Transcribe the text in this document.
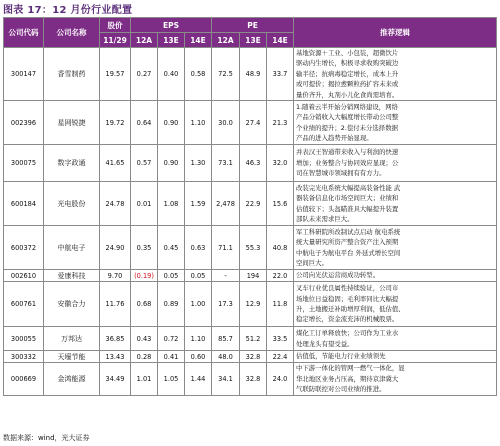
图表 17：12 月份行业配置
公司代码	公司名称	股价	EPS			PE			推荐逻辑
		11/29	12A	13E	14E	12A	13E	14E	
300147	香雪制药	19.57	0.27	0.40	0.58	72.5	48.9	33.7	基地资源＋工业、小包装，超微饮片
驱动内生增长，积极寻求收购突破边
输半径；抗病毒稳定增长，成本上升
或可提价；揭拉愈颗粒药扩容未来或
量价齐升，丸剂小儿化食尚需培育。

002396	星网锐捷	19.72	0.64	0.90	1.10	30.0	27.4	21.3	1.随着云半开始分销网络建设，网络
产品分销收入大幅度增长带动公司整
个业绩的提升；2.偿付未分选择数据
产品的进入趋势开始显现。

300075	数字政通	41.65	0.57	0.90	1.30	73.1	46.3	32.0	并表汉王智通带来收入与利润的快速
增加；业务整合与协同效应显现；公
司在智慧城市领域拥有有方力。

600184	光电股份	24.78	0.01	1.08	1.59	2,478	22.9	15.6	改装完光电系统大幅提高装备性能 武
器装备信息化市场空间巨大；业绩和
估值较下；头盔瞄准具大幅提升装置
部队未来需求巨大。

600372	中航电子	24.90	0.35	0.45	0.63	71.1	55.3	40.8	军工科研院所改制试点启动 航电系统
统大量研究所资产整合资产注入预期
中航电子为航电平台 外延式增长空间
空间巨大。

002610	爱康科技	9.70	(0.19)	0.05	0.05	-	194	22.0	公司向光伏运营商成功转型。

600761	安徽合力	11.76	0.68	0.89	1.00	17.3	12.9	11.8	叉车行业优良属性持续验证，公司市
场地位日益稳固；毛利率同比大幅提
升，土地搬迁补助增厚利润，低估值、
稳定增长，资金流充沛的机械股票。

300055	万邦达	36.85	0.43	0.72	1.10	85.7	51.2	33.5	煤化工订单释放快；公司作为工业水
处理龙头有望受益。

300332	天壕节能	13.43	0.28	0.41	0.60	48.0	32.8	22.4	估值低，节能电力行业业绩领先

000669	金鸿能源	34.49	1.01	1.05	1.44	34.1	32.8	24.0	中下游一体化的管网一燃气一体化，显
华北地区业务占压高，期待京津冀大
气联防联控对公司业绩的推进。
数据来源：wind，光大证券
